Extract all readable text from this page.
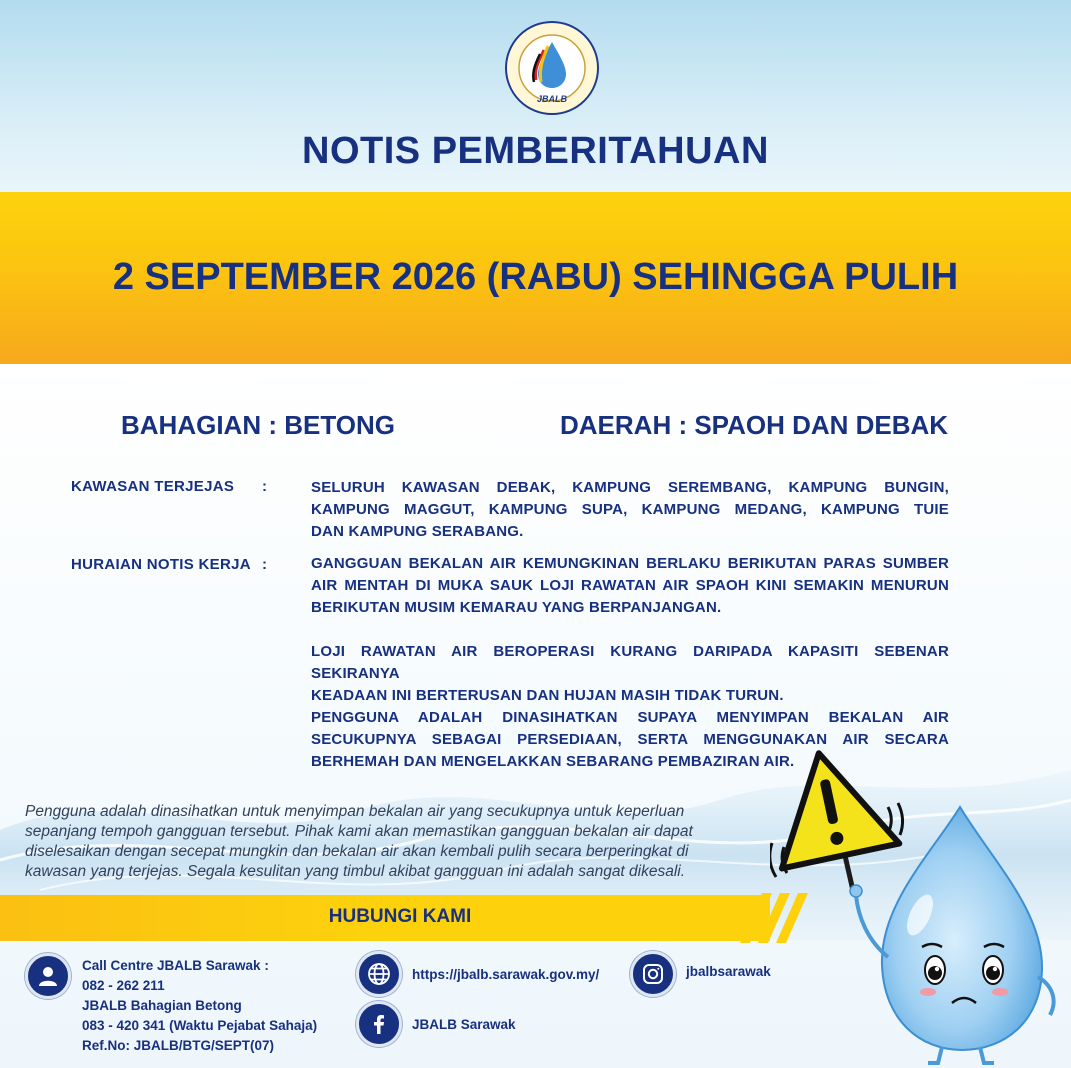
JBALB
NOTIS PEMBERITAHUAN
2 SEPTEMBER 2026 (RABU) SEHINGGA PULIH
BAHAGIAN : BETONG	DAERAH : SPAOH DAN DEBAK
KAWASAN TERJEJAS :	SELURUH KAWASAN DEBAK, KAMPUNG SEREMBANG, KAMPUNG BUNGIN,
KAMPUNG MAGGUT, KAMPUNG SUPA, KAMPUNG MEDANG, KAMPUNG TUIE
DAN KAMPUNG SERABANG.
HURAIAN NOTIS KERJA :	GANGGUAN BEKALAN AIR KEMUNGKINAN BERLAKU BERIKUTAN PARAS SUMBER
AIR MENTAH DI MUKA SAUK LOJI RAWATAN AIR SPAOH KINI SEMAKIN MENURUN
BERIKUTAN MUSIM KEMARAU YANG BERPANJANGAN.
LOJI RAWATAN AIR BEROPERASI KURANG DARIPADA KAPASITI SEBENAR SEKIRANYA
KEADAAN INI BERTERUSAN DAN HUJAN MASIH TIDAK TURUN.
PENGGUNA ADALAH DINASIHATKAN SUPAYA MENYIMPAN BEKALAN AIR
SECUKUPNYA SEBAGAI PERSEDIAAN, SERTA MENGGUNAKAN AIR SECARA
BERHEMAH DAN MENGELAKKAN SEBARANG PEMBAZIRAN AIR.
Pengguna adalah dinasihatkan untuk menyimpan bekalan air yang secukupnya untuk keperluan
sepanjang tempoh gangguan tersebut. Pihak kami akan memastikan gangguan bekalan air dapat
diselesaikan dengan secepat mungkin dan bekalan air akan kembali pulih secara berperingkat di
kawasan yang terjejas. Segala kesulitan yang timbul akibat gangguan ini adalah sangat dikesali.
HUBUNGI KAMI
Call Centre JBALB Sarawak :
082 - 262 211
JBALB Bahagian Betong
083 - 420 341 (Waktu Pejabat Sahaja)
Ref.No: JBALB/BTG/SEPT(07)
https://jbalb.sarawak.gov.my/
JBALB Sarawak
jbalbsarawak
